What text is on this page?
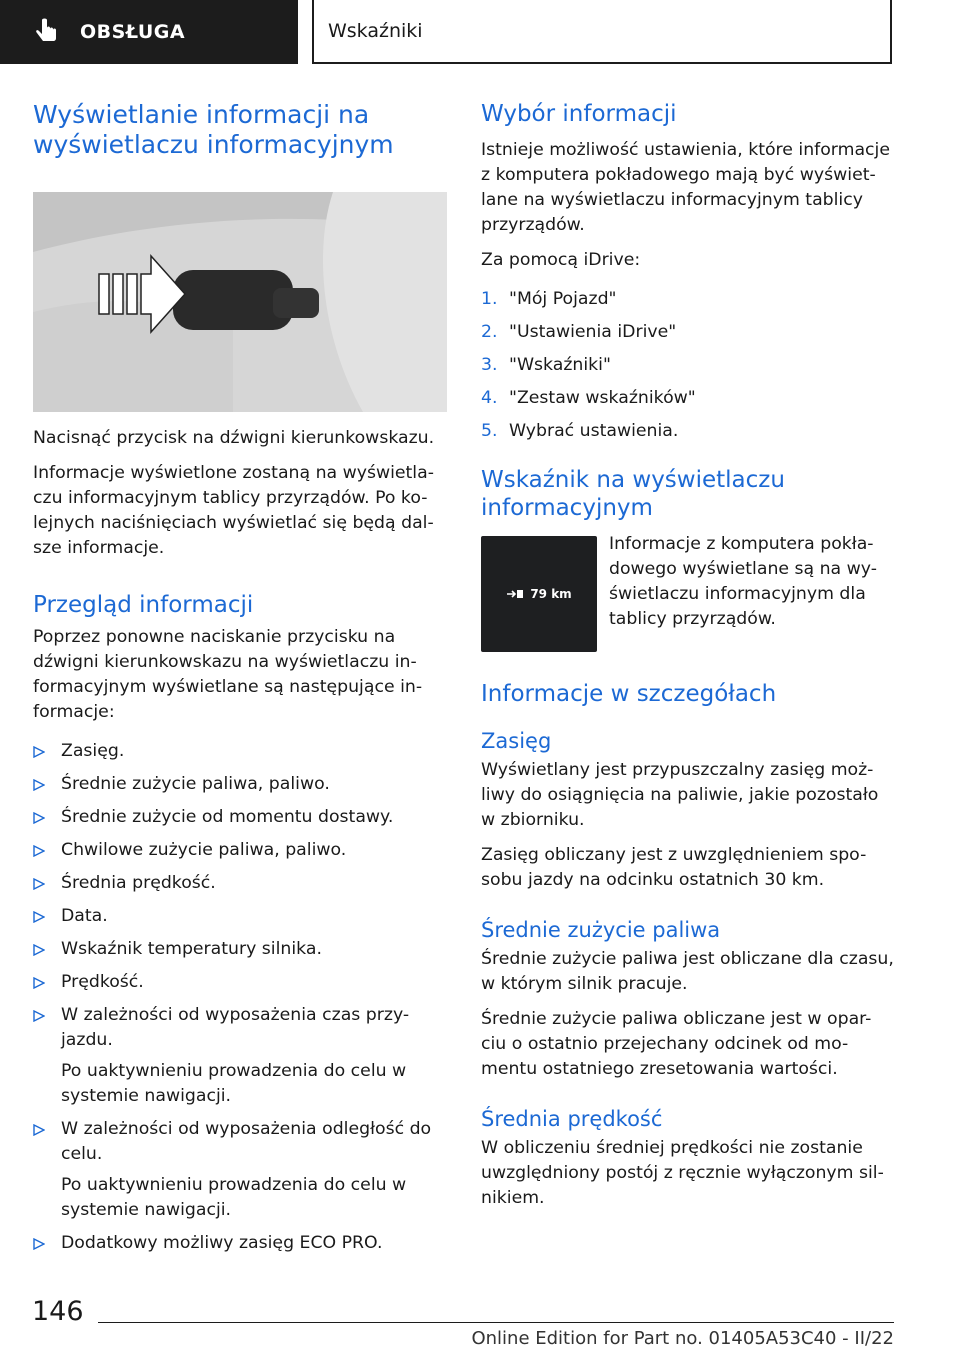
OBSŁUGA	Wskaźniki
Wyświetlanie informacji na wyświetlaczu informacyjnym

Nacisnąć przycisk na dźwigni kierunkowskazu.

Informacje wyświetlone zostaną na wyświetla-czu informacyjnym tablicy przyrządów. Po ko-lejnych naciśnięciach wyświetlać się będą dal-sze informacje.

Przegląd informacji

Poprzez ponowne naciskanie przycisku na dźwigni kierunkowskazu na wyświetlaczu in-formacyjnym wyświetlane są następujące in-formacje:

Zasięg.
Średnie zużycie paliwa, paliwo.
Średnie zużycie od momentu dostawy.
Chwilowe zużycie paliwa, paliwo.
Średnia prędkość.
Data.
Wskaźnik temperatury silnika.
Prędkość.
W zależności od wyposażenia czas przy-jazdu.
Po uaktywnieniu prowadzenia do celu w systemie nawigacji.
W zależności od wyposażenia odległość do celu.
Po uaktywnieniu prowadzenia do celu w systemie nawigacji.
Dodatkowy możliwy zasięg ECO PRO.
Wybór informacji

Istnieje możliwość ustawienia, które informacje z komputera pokładowego mają być wyświet-lane na wyświetlaczu informacyjnym tablicy przyrządów.

Za pomocą iDrive:

1. "Mój Pojazd"
2. "Ustawienia iDrive"
3. "Wskaźniki"
4. "Zestaw wskaźników"
5. Wybrać ustawienia.
Wskaźnik na wyświetlaczu informacyjnym
79 km

Informacje z komputera pokła-dowego wyświetlane są na wy-świetlaczu informacyjnym dla tablicy przyrządów.

Informacje w szczegółach
Zasięg

Wyświetlany jest przypuszczalny zasięg moż-liwy do osiągnięcia na paliwie, jakie pozostało w zbiorniku.

Zasięg obliczany jest z uwzględnieniem spo-sobu jazdy na odcinku ostatnich 30 km.

Średnie zużycie paliwa

Średnie zużycie paliwa jest obliczane dla czasu, w którym silnik pracuje.

Średnie zużycie paliwa obliczane jest w opar-ciu o ostatnio przejechany odcinek od mo-mentu ostatniego zresetowania wartości.

Średnia prędkość

W obliczeniu średniej prędkości nie zostanie uwzględniony postój z ręcznie wyłączonym sil-nikiem.

146
Online Edition for Part no. 01405A53C40 - II/22
